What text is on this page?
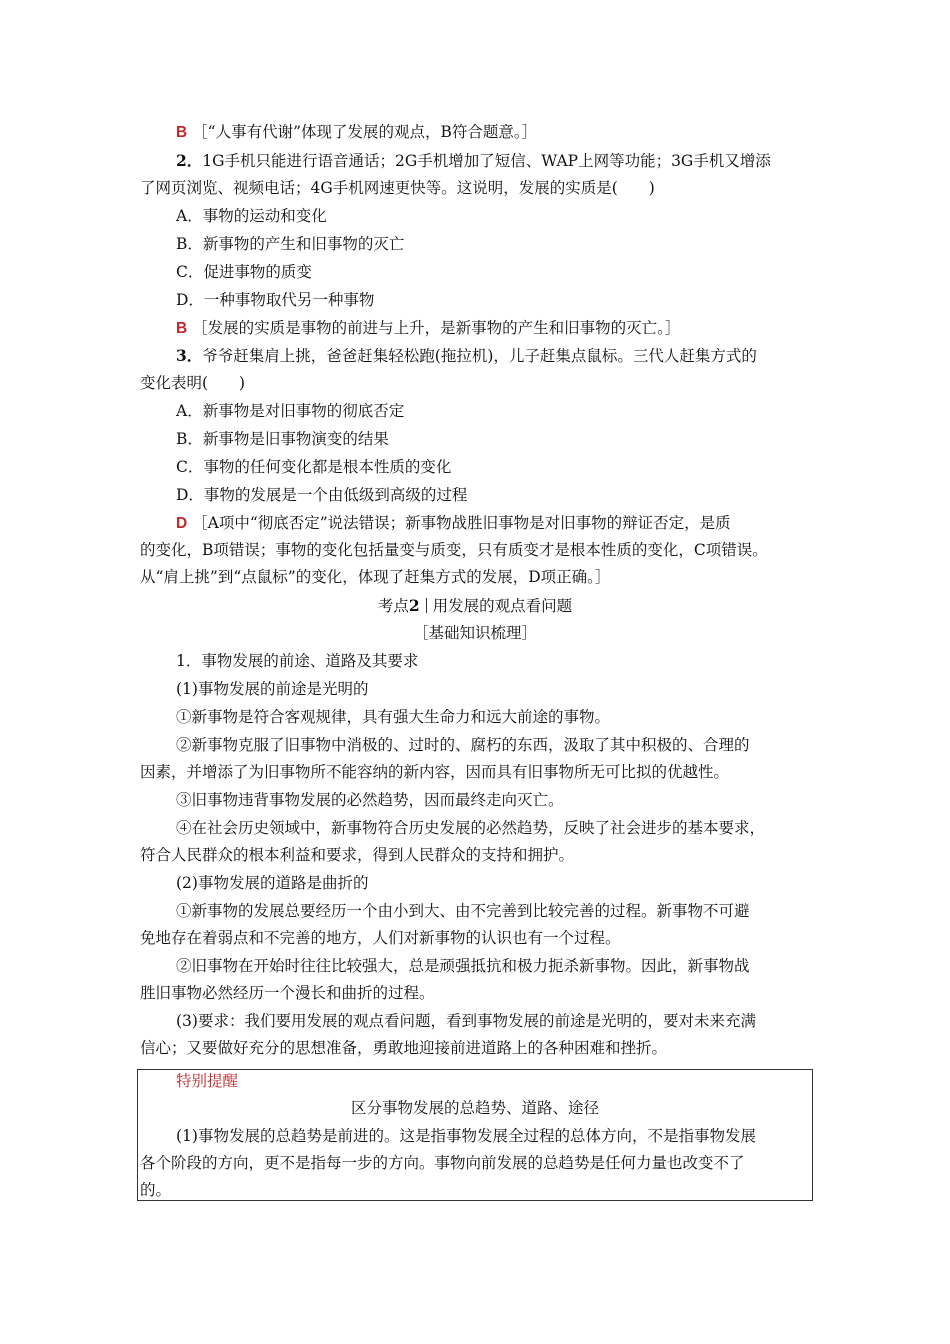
B ［“人事有代谢”体现了发展的观点，B符合题意。］
2．1G手机只能进行语音通话；2G手机增加了短信、WAP上网等功能；3G手机又增添
了网页浏览、视频电话；4G手机网速更快等。这说明，发展的实质是(　　)
A．事物的运动和变化
B．新事物的产生和旧事物的灭亡
C．促进事物的质变
D．一种事物取代另一种事物
B ［发展的实质是事物的前进与上升，是新事物的产生和旧事物的灭亡。］
3．爷爷赶集肩上挑，爸爸赶集轻松跑(拖拉机)，儿子赶集点鼠标。三代人赶集方式的
变化表明(　　)
A．新事物是对旧事物的彻底否定
B．新事物是旧事物演变的结果
C．事物的任何变化都是根本性质的变化
D．事物的发展是一个由低级到高级的过程
D ［A项中“彻底否定”说法错误；新事物战胜旧事物是对旧事物的辩证否定，是质
的变化，B项错误；事物的变化包括量变与质变，只有质变才是根本性质的变化，C项错误。
从“肩上挑”到“点鼠标”的变化，体现了赶集方式的发展，D项正确。］
考点2 用发展的观点看问题
［基础知识梳理］
1．事物发展的前途、道路及其要求
(1)事物发展的前途是光明的
①新事物是符合客观规律，具有强大生命力和远大前途的事物。
②新事物克服了旧事物中消极的、过时的、腐朽的东西，汲取了其中积极的、合理的
因素，并增添了为旧事物所不能容纳的新内容，因而具有旧事物所无可比拟的优越性。
③旧事物违背事物发展的必然趋势，因而最终走向灭亡。
④在社会历史领域中，新事物符合历史发展的必然趋势，反映了社会进步的基本要求，
符合人民群众的根本利益和要求，得到人民群众的支持和拥护。
(2)事物发展的道路是曲折的
①新事物的发展总要经历一个由小到大、由不完善到比较完善的过程。新事物不可避
免地存在着弱点和不完善的地方，人们对新事物的认识也有一个过程。
②旧事物在开始时往往比较强大，总是顽强抵抗和极力扼杀新事物。因此，新事物战
胜旧事物必然经历一个漫长和曲折的过程。
(3)要求：我们要用发展的观点看问题，看到事物发展的前途是光明的，要对未来充满
信心；又要做好充分的思想准备，勇敢地迎接前进道路上的各种困难和挫折。
特别提醒
区分事物发展的总趋势、道路、途径
(1)事物发展的总趋势是前进的。这是指事物发展全过程的总体方向，不是指事物发展
各个阶段的方向，更不是指每一步的方向。事物向前发展的总趋势是任何力量也改变不了
的。
